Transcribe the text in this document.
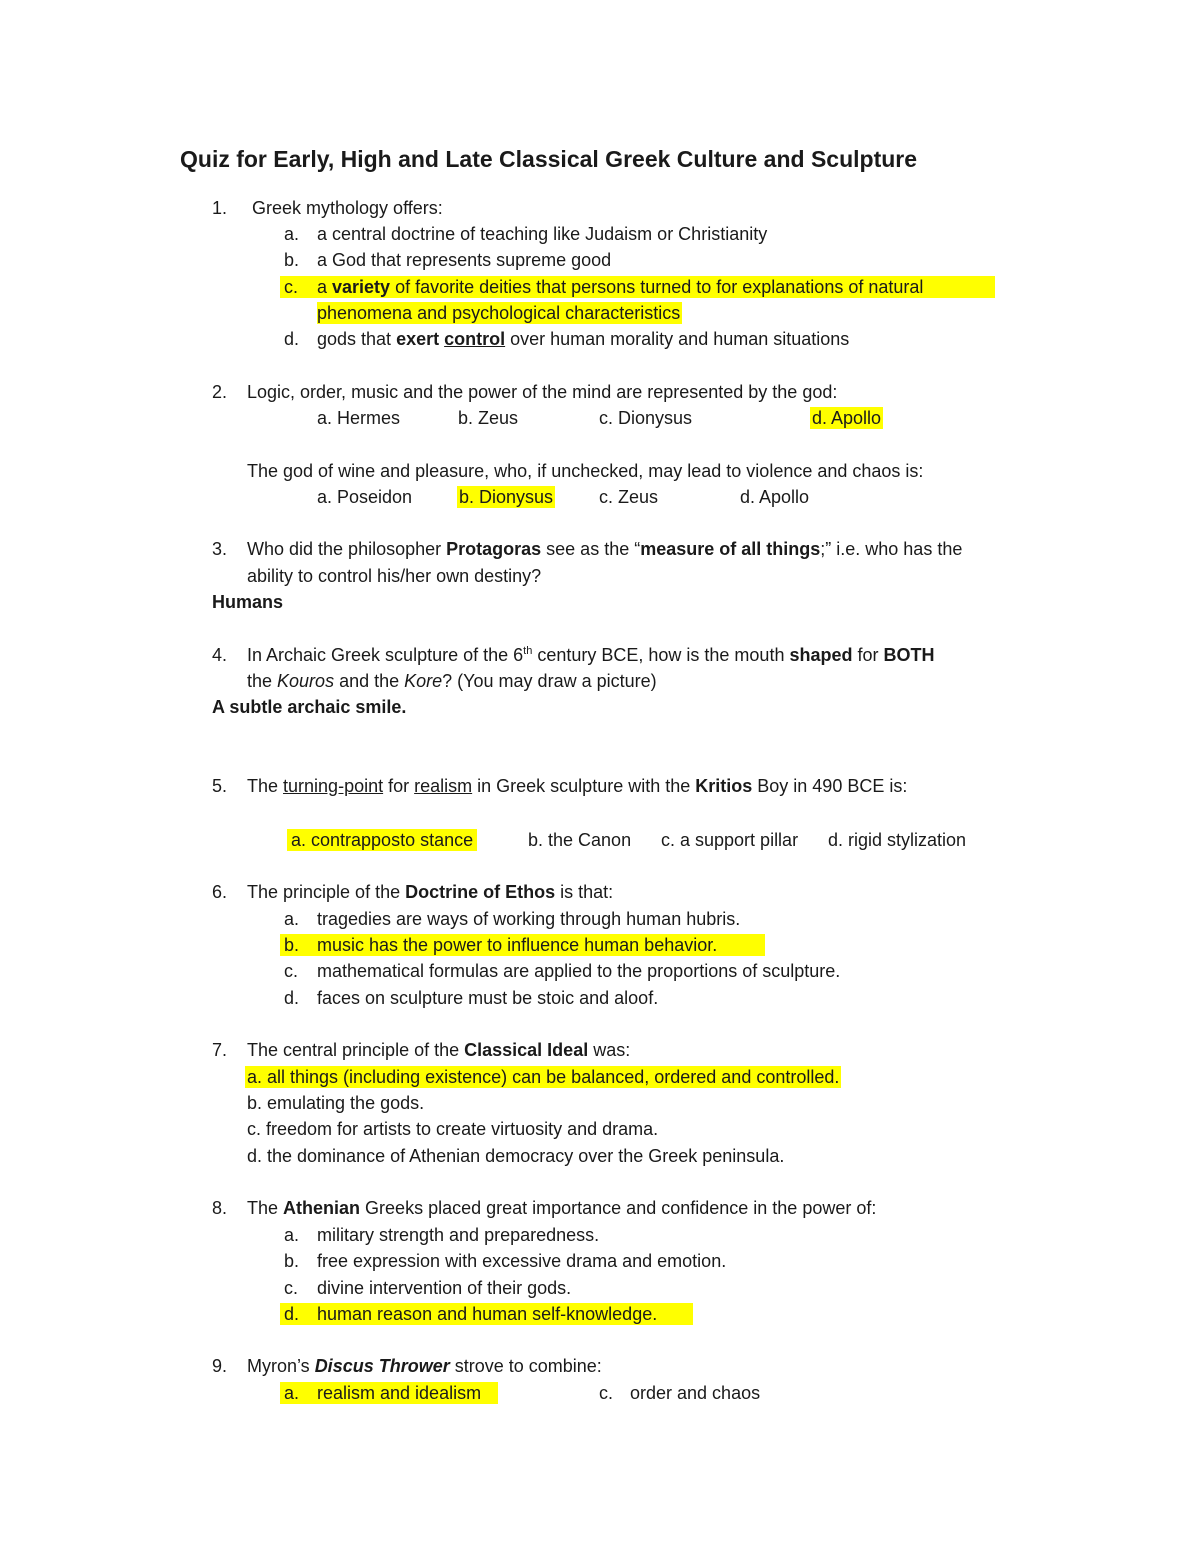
Quiz for Early, High and Late Classical Greek Culture and Sculpture
1. Greek mythology offers:
a. a central doctrine of teaching like Judaism or Christianity
b. a God that represents supreme good
c. a variety of favorite deities that persons turned to for explanations of natural
phenomena and psychological characteristics
d. gods that exert control over human morality and human situations
2. Logic, order, music and the power of the mind are represented by the god:
a. Hermes	b. Zeus	c. Dionysus	d. Apollo
The god of wine and pleasure, who, if unchecked, may lead to violence and chaos is:
a. Poseidon	b. Dionysus	c. Zeus	d. Apollo
3. Who did the philosopher Protagoras see as the “measure of all things;” i.e. who has the
ability to control his/her own destiny?
Humans
4. In Archaic Greek sculpture of the 6th century BCE, how is the mouth shaped for BOTH
the Kouros and the Kore? (You may draw a picture)
A subtle archaic smile.
5. The turning-point for realism in Greek sculpture with the Kritios Boy in 490 BCE is:
a. contrapposto stance	b. the Canon c. a support pillar d. rigid stylization
6. The principle of the Doctrine of Ethos is that:
a. tragedies are ways of working through human hubris.
b. music has the power to influence human behavior.
c. mathematical formulas are applied to the proportions of sculpture.
d. faces on sculpture must be stoic and aloof.
7. The central principle of the Classical Ideal was:
a. all things (including existence) can be balanced, ordered and controlled.
b. emulating the gods.
c. freedom for artists to create virtuosity and drama.
d. the dominance of Athenian democracy over the Greek peninsula.
8. The Athenian Greeks placed great importance and confidence in the power of:
a. military strength and preparedness.
b. free expression with excessive drama and emotion.
c. divine intervention of their gods.
d. human reason and human self-knowledge.
9. Myron’s Discus Thrower strove to combine:
a. realism and idealism	c. order and chaos
